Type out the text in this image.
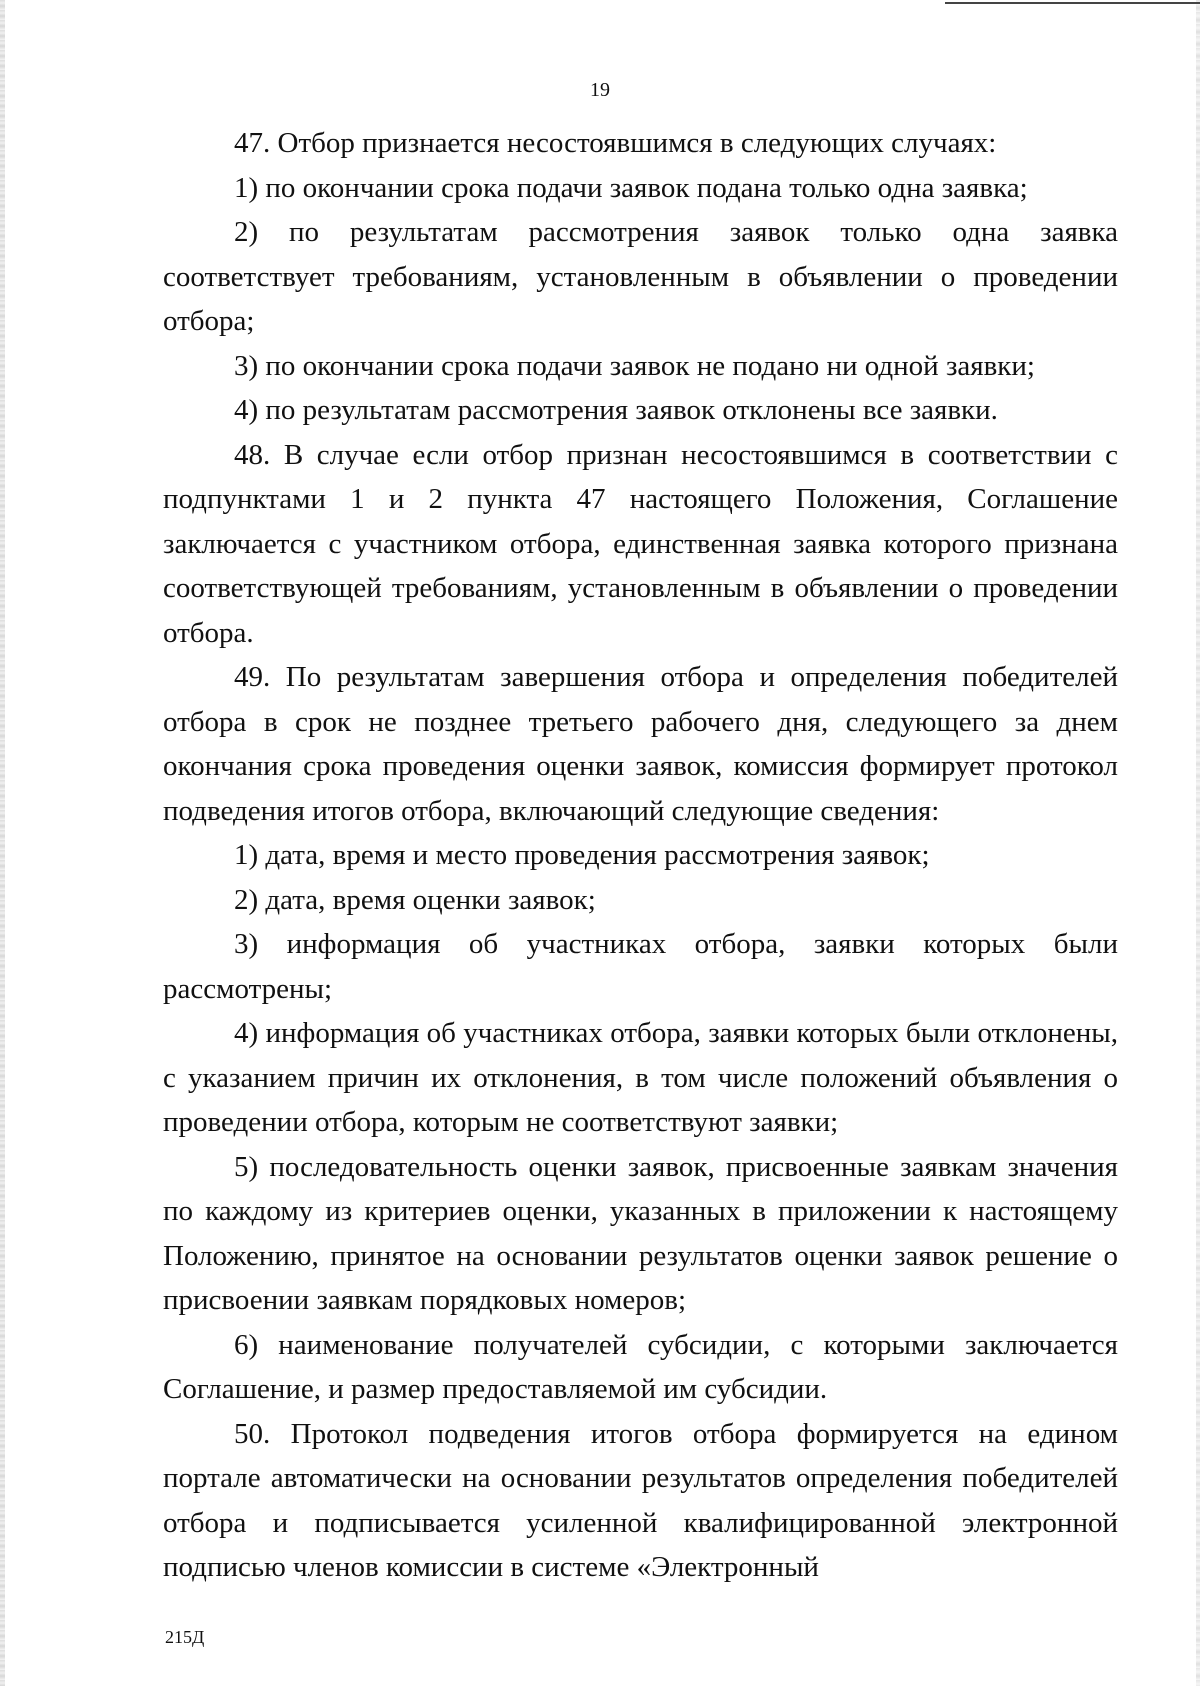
19

47. Отбор признается несостоявшимся в следующих случаях:

1) по окончании срока подачи заявок подана только одна заявка;

2) по результатам рассмотрения заявок только одна заявка соответствует требованиям, установленным в объявлении о проведении отбора;

3) по окончании срока подачи заявок не подано ни одной заявки;

4) по результатам рассмотрения заявок отклонены все заявки.

48. В случае если отбор признан несостоявшимся в соответствии с подпунктами 1 и 2 пункта 47 настоящего Положения, Соглашение заключается с участником отбора, единственная заявка которого признана соответствующей требованиям, установленным в объявлении о проведении отбора.

49. По результатам завершения отбора и определения победителей отбора в срок не позднее третьего рабочего дня, следующего за днем окончания срока проведения оценки заявок, комиссия формирует протокол подведения итогов отбора, включающий следующие сведения:

1) дата, время и место проведения рассмотрения заявок;

2) дата, время оценки заявок;

3) информация об участниках отбора, заявки которых были рассмотрены;

4) информация об участниках отбора, заявки которых были отклонены, с указанием причин их отклонения, в том числе положений объявления о проведении отбора, которым не соответствуют заявки;

5) последовательность оценки заявок, присвоенные заявкам значения по каждому из критериев оценки, указанных в приложении к настоящему Положению, принятое на основании результатов оценки заявок решение о присвоении заявкам порядковых номеров;

6) наименование получателей субсидии, с которыми заключается Соглашение, и размер предоставляемой им субсидии.

50. Протокол подведения итогов отбора формируется на едином портале автоматически на основании результатов определения победителей отбора и подписывается усиленной квалифицированной электронной подписью членов комиссии в системе «Электронный

215Д
